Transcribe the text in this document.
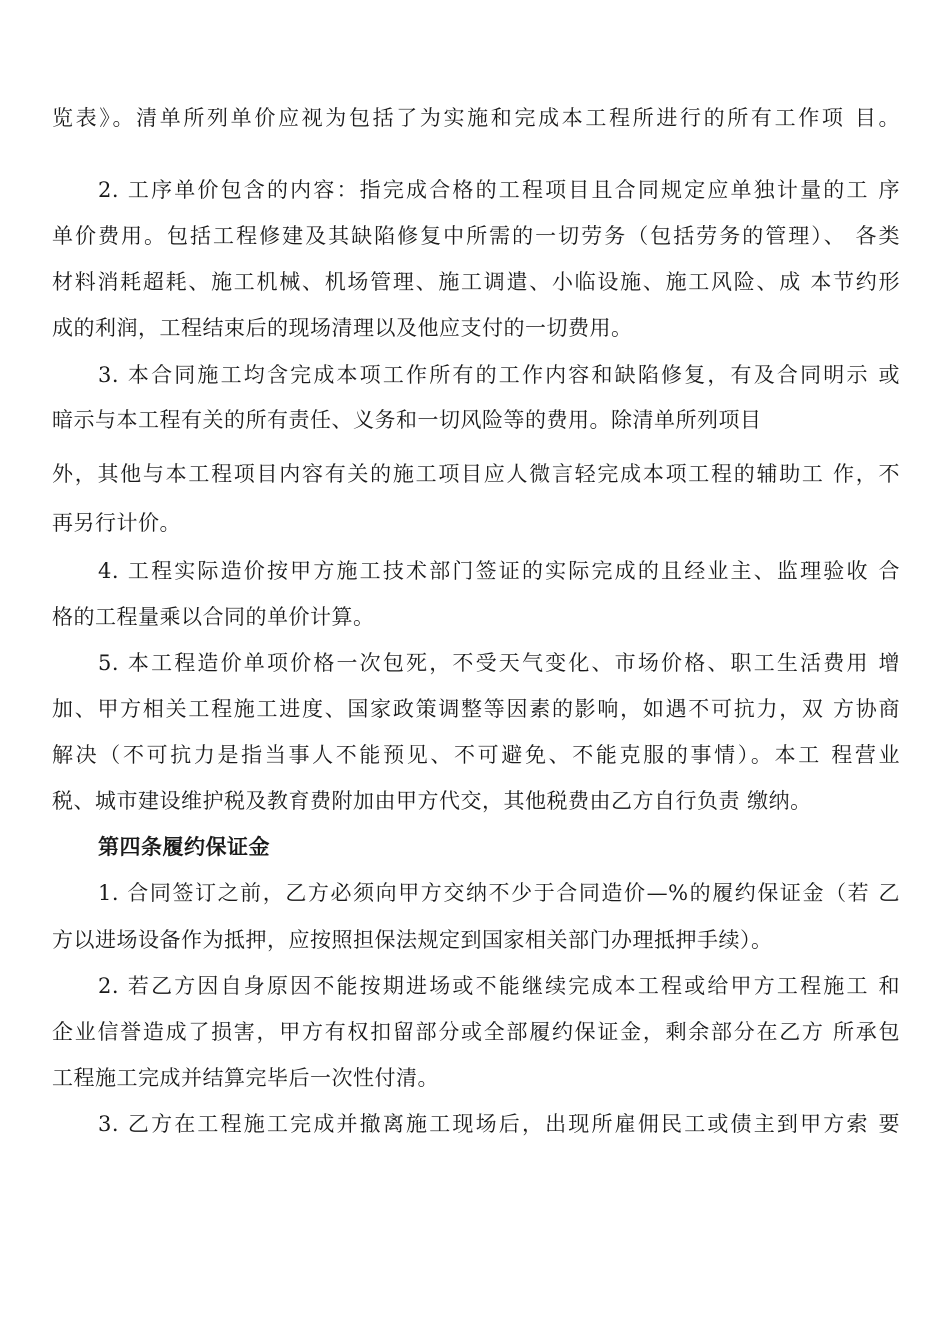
览表》。清单所列单价应视为包括了为实施和完成本工程所进行的所有工作项 目。
2. 工序单价包含的内容：指完成合格的工程项目且合同规定应单独计量的工 序
单价费用。包括工程修建及其缺陷修复中所需的一切劳务（包括劳务的管理）、 各类
材料消耗超耗、施工机械、机场管理、施工调遣、小临设施、施工风险、成 本节约形
成的利润，工程结束后的现场清理以及他应支付的一切费用。
3. 本合同施工均含完成本项工作所有的工作内容和缺陷修复，有及合同明示 或
暗示与本工程有关的所有责任、义务和一切风险等的费用。除清单所列项目
外，其他与本工程项目内容有关的施工项目应人微言轻完成本项工程的辅助工 作，不
再另行计价。
4. 工程实际造价按甲方施工技术部门签证的实际完成的且经业主、监理验收 合
格的工程量乘以合同的单价计算。
5. 本工程造价单项价格一次包死，不受天气变化、市场价格、职工生活费用 增
加、甲方相关工程施工进度、国家政策调整等因素的影响，如遇不可抗力，双 方协商
解决（不可抗力是指当事人不能预见、不可避免、不能克服的事情）。本工 程营业
税、城市建设维护税及教育费附加由甲方代交，其他税费由乙方自行负责 缴纳。
第四条履约保证金
1. 合同签订之前，乙方必须向甲方交纳不少于合同造价—%的履约保证金（若 乙
方以进场设备作为抵押，应按照担保法规定到国家相关部门办理抵押手续）。
2. 若乙方因自身原因不能按期进场或不能继续完成本工程或给甲方工程施工 和
企业信誉造成了损害，甲方有权扣留部分或全部履约保证金，剩余部分在乙方 所承包
工程施工完成并结算完毕后一次性付清。
3. 乙方在工程施工完成并撤离施工现场后，出现所雇佣民工或债主到甲方索 要
